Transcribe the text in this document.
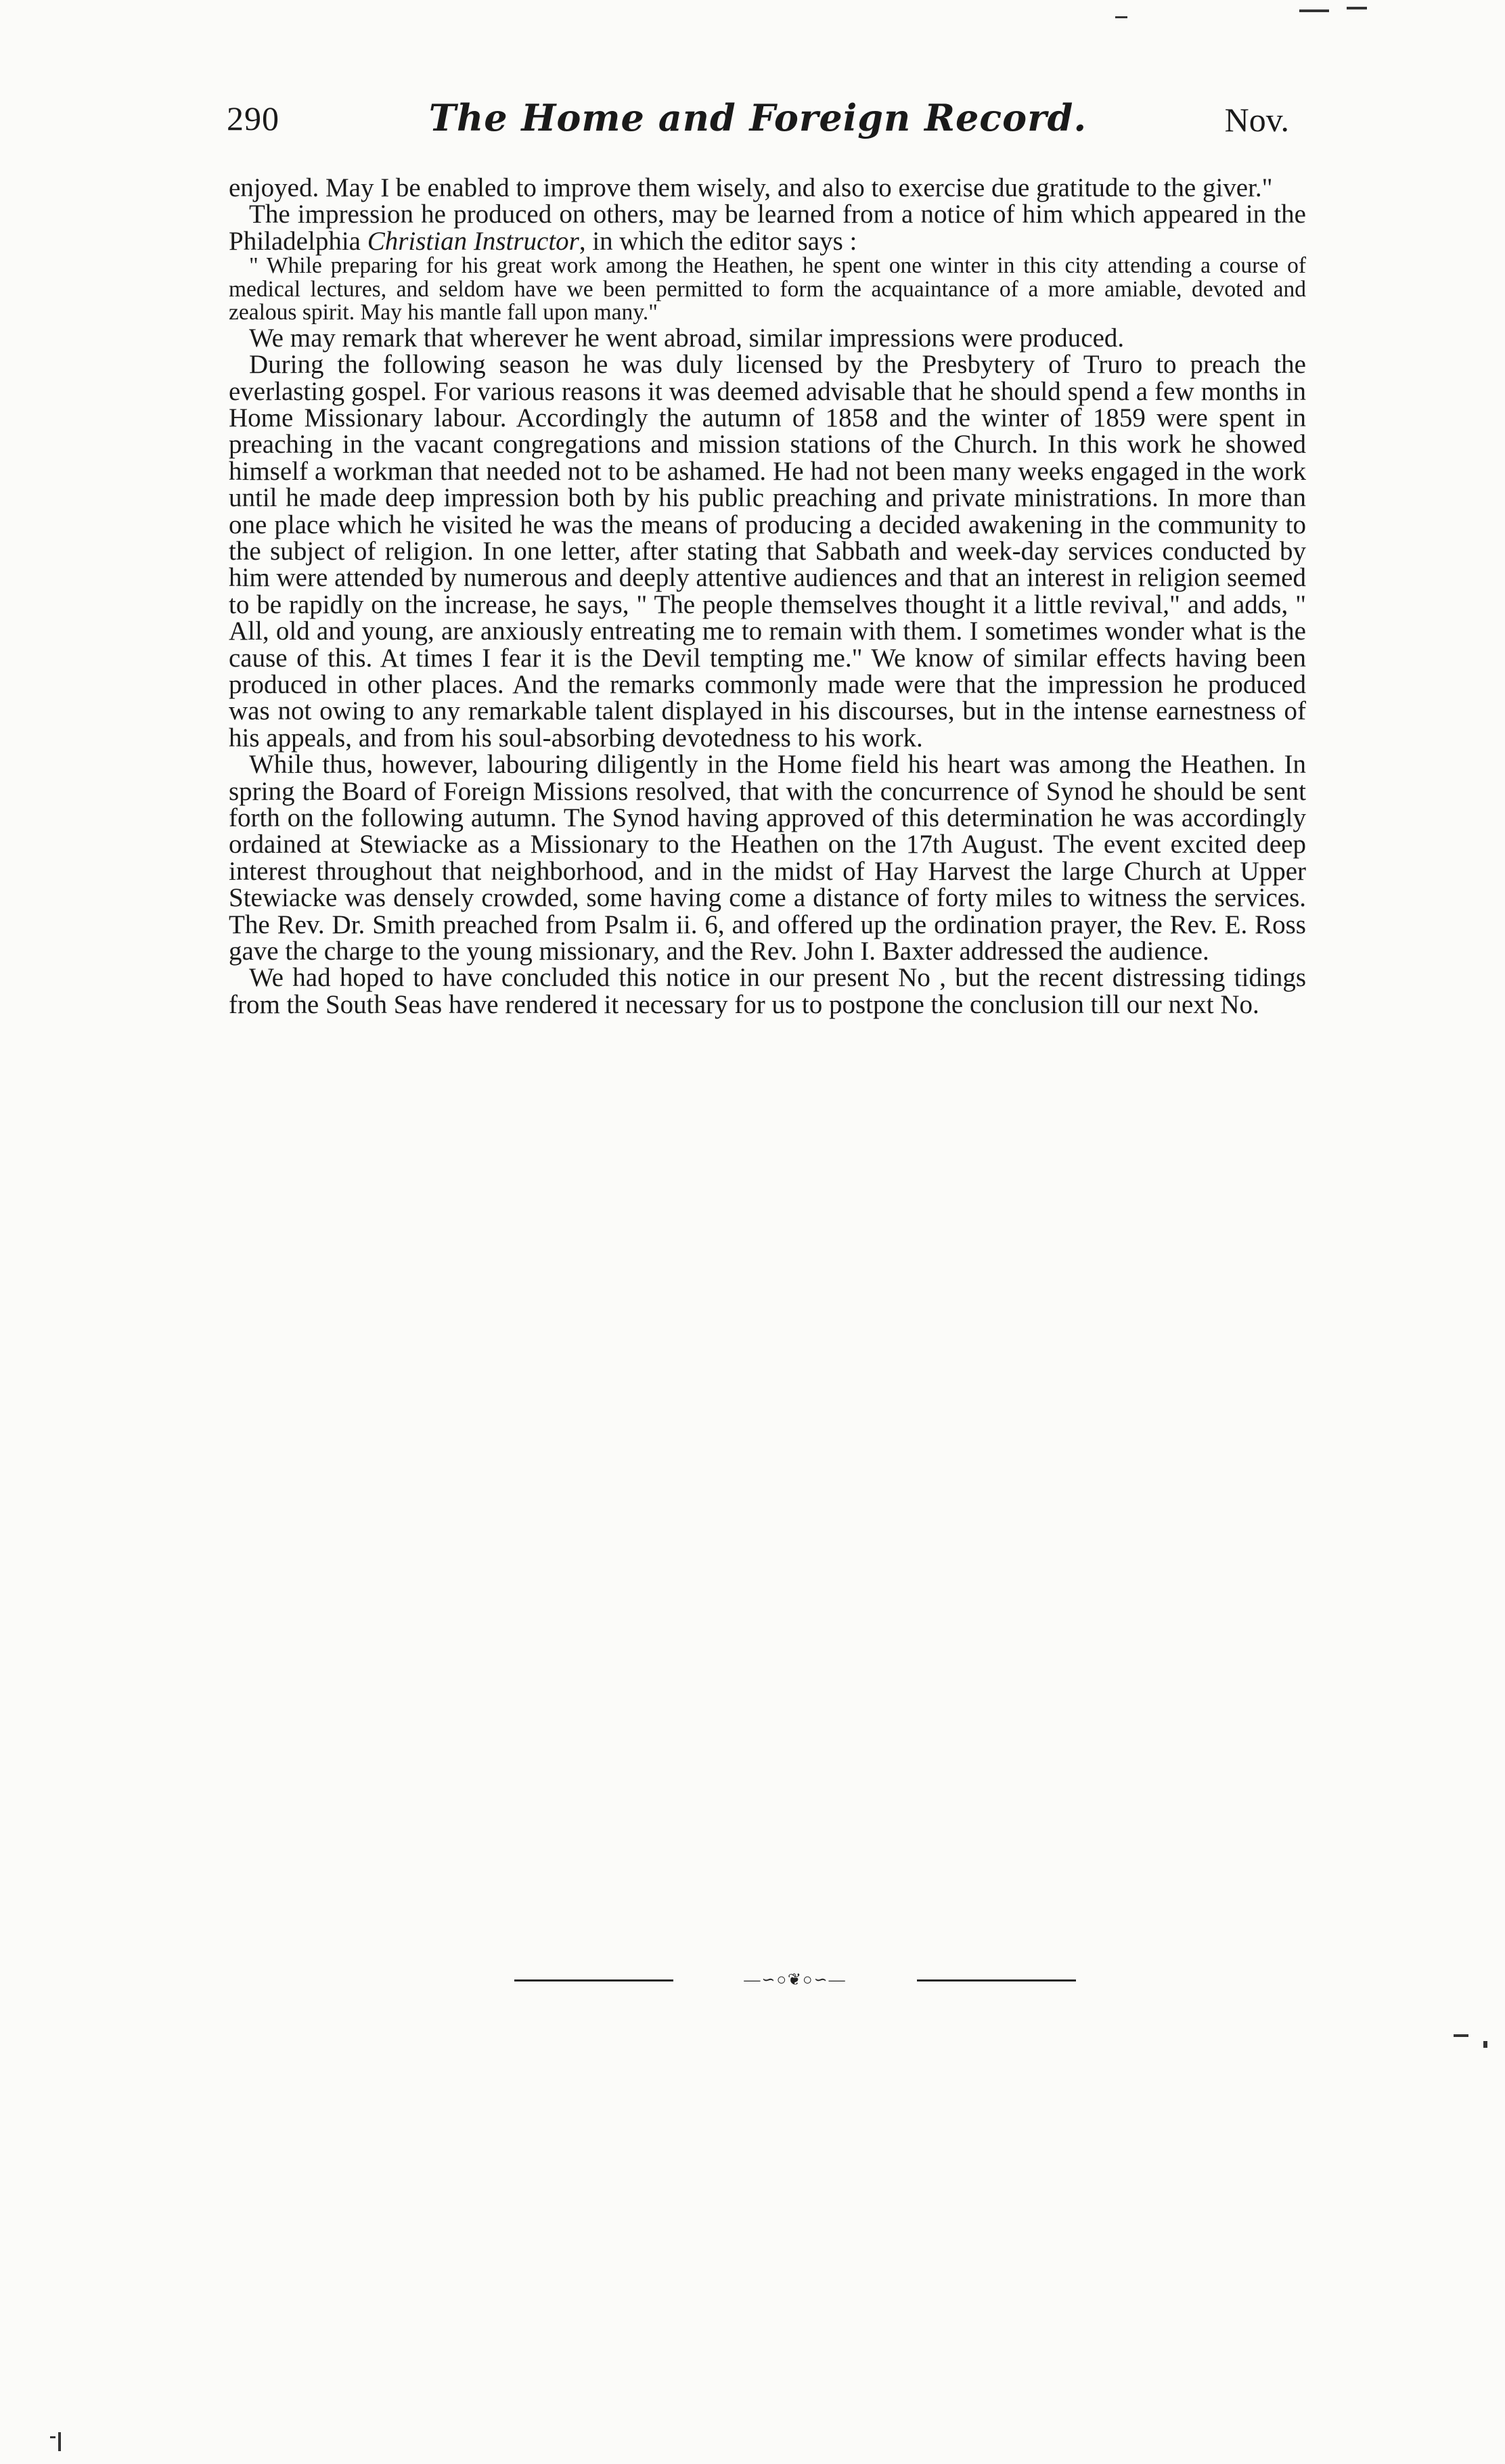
290	The Home and Foreign Record.	Nov.

enjoyed. May I be enabled to improve them wisely, and also to exercise due gratitude to the giver."

The impression he produced on others, may be learned from a notice of him which appeared in the Philadelphia Christian Instructor, in which the editor says :

" While preparing for his great work among the Heathen, he spent one winter in this city attending a course of medical lectures, and seldom have we been permitted to form the acquaintance of a more amiable, devoted and zealous spirit. May his mantle fall upon many."

We may remark that wherever he went abroad, similar impressions were produced.

During the following season he was duly licensed by the Presbytery of Truro to preach the everlasting gospel. For various reasons it was deemed advisable that he should spend a few months in Home Missionary labour. Accordingly the autumn of 1858 and the winter of 1859 were spent in preaching in the vacant congregations and mission stations of the Church. In this work he showed himself a workman that needed not to be ashamed. He had not been many weeks engaged in the work until he made deep impression both by his public preaching and private ministrations. In more than one place which he visited he was the means of producing a decided awakening in the community to the subject of religion. In one letter, after stating that Sabbath and week-day services conducted by him were attended by numerous and deeply attentive audiences and that an interest in religion seemed to be rapidly on the increase, he says, " The people themselves thought it a little revival," and adds, " All, old and young, are anxiously entreating me to remain with them. I sometimes wonder what is the cause of this. At times I fear it is the Devil tempting me." We know of similar effects having been produced in other places. And the remarks commonly made were that the impression he produced was not owing to any remarkable talent displayed in his discourses, but in the intense earnestness of his appeals, and from his soul-absorbing devotedness to his work.

While thus, however, labouring diligently in the Home field his heart was among the Heathen. In spring the Board of Foreign Missions resolved, that with the concurrence of Synod he should be sent forth on the following autumn. The Synod having approved of this determination he was accordingly ordained at Stewiacke as a Missionary to the Heathen on the 17th August. The event excited deep interest throughout that neighborhood, and in the midst of Hay Harvest the large Church at Upper Stewiacke was densely crowded, some having come a distance of forty miles to witness the services. The Rev. Dr. Smith preached from Psalm ii. 6, and offered up the ordination prayer, the Rev. E. Ross gave the charge to the young missionary, and the Rev. John I. Baxter addressed the audience.

We had hoped to have concluded this notice in our present No , but the recent distressing tidings from the South Seas have rendered it necessary for us to postpone the conclusion till our next No.

—∽○❦○∽—
